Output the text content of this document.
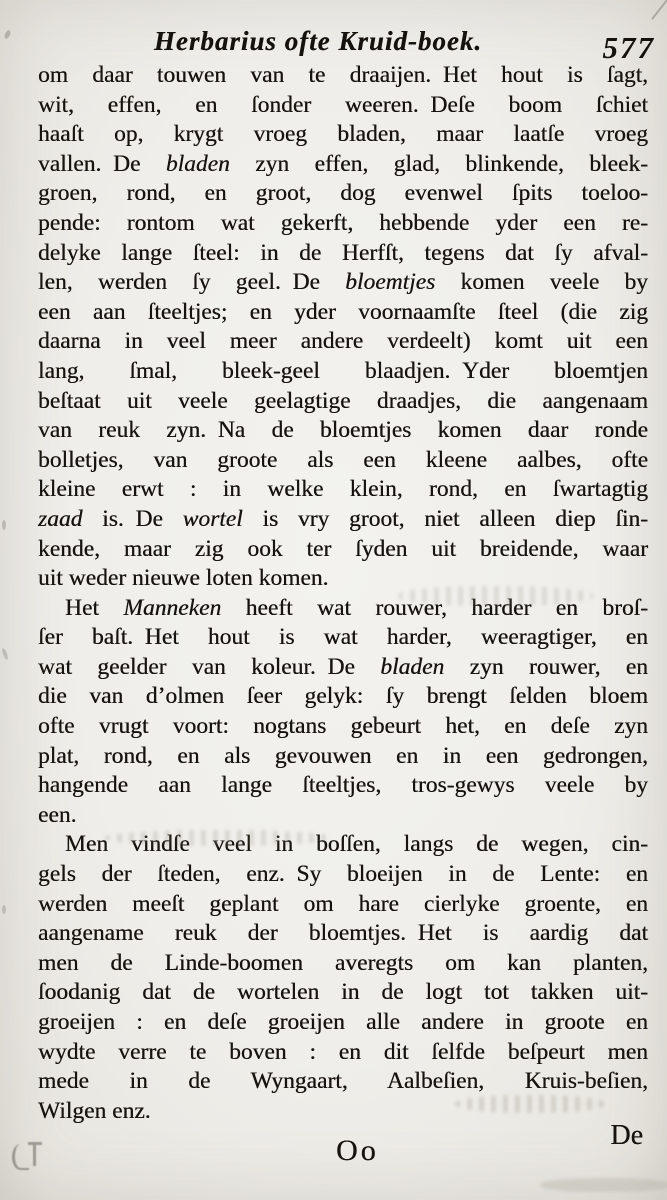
Herbarius ofte Kruid-boek.	577
om daar touwen van te draaijen. Het hout is ſagt,
wit, effen, en ſonder weeren. Deſe boom ſchiet
haaſt op, krygt vroeg bladen, maar laatſe vroeg
vallen. De bladen zyn effen, glad, blinkende, bleek-
groen, rond, en groot, dog evenwel ſpits toeloo-
pende: rontom wat gekerft, hebbende yder een re-
delyke lange ſteel: in de Herfſt, tegens dat ſy afval-
len, werden ſy geel. De bloemtjes komen veele by
een aan ſteeltjes; en yder voornaamſte ſteel (die zig
daarna in veel meer andere verdeelt) komt uit een
lang, ſmal, bleek-geel blaadjen. Yder bloemtjen
beſtaat uit veele geelagtige draadjes, die aangenaam
van reuk zyn. Na de bloemtjes komen daar ronde
bolletjes, van groote als een kleene aalbes, ofte
kleine erwt : in welke klein, rond, en ſwartagtig
zaad is. De wortel is vry groot, niet alleen diep ſin-
kende, maar zig ook ter ſyden uit breidende, waar
uit weder nieuwe loten komen.
Het Manneken heeft wat rouwer, harder en broſ-
ſer baſt. Het hout is wat harder, weeragtiger, en
wat geelder van koleur. De bladen zyn rouwer, en
die van d’olmen ſeer gelyk: ſy brengt ſelden bloem
ofte vrugt voort: nogtans gebeurt het, en deſe zyn
plat, rond, en als gevouwen en in een gedrongen,
hangende aan lange ſteeltjes, tros-gewys veele by
een.
Men vindſe veel in boſſen, langs de wegen, cin-
gels der ſteden, enz. Sy bloeijen in de Lente: en
werden meeſt geplant om hare cierlyke groente, en
aangename reuk der bloemtjes. Het is aardig dat
men de Linde-boomen averegts om kan planten,
ſoodanig dat de wortelen in de logt tot takken uit-
groeijen : en deſe groeijen alle andere in groote en
wydte verre te boven : en dit ſelfde beſpeurt men
mede in de Wyngaart, Aalbeſien, Kruis-beſien,
Wilgen enz.
Oo	De
